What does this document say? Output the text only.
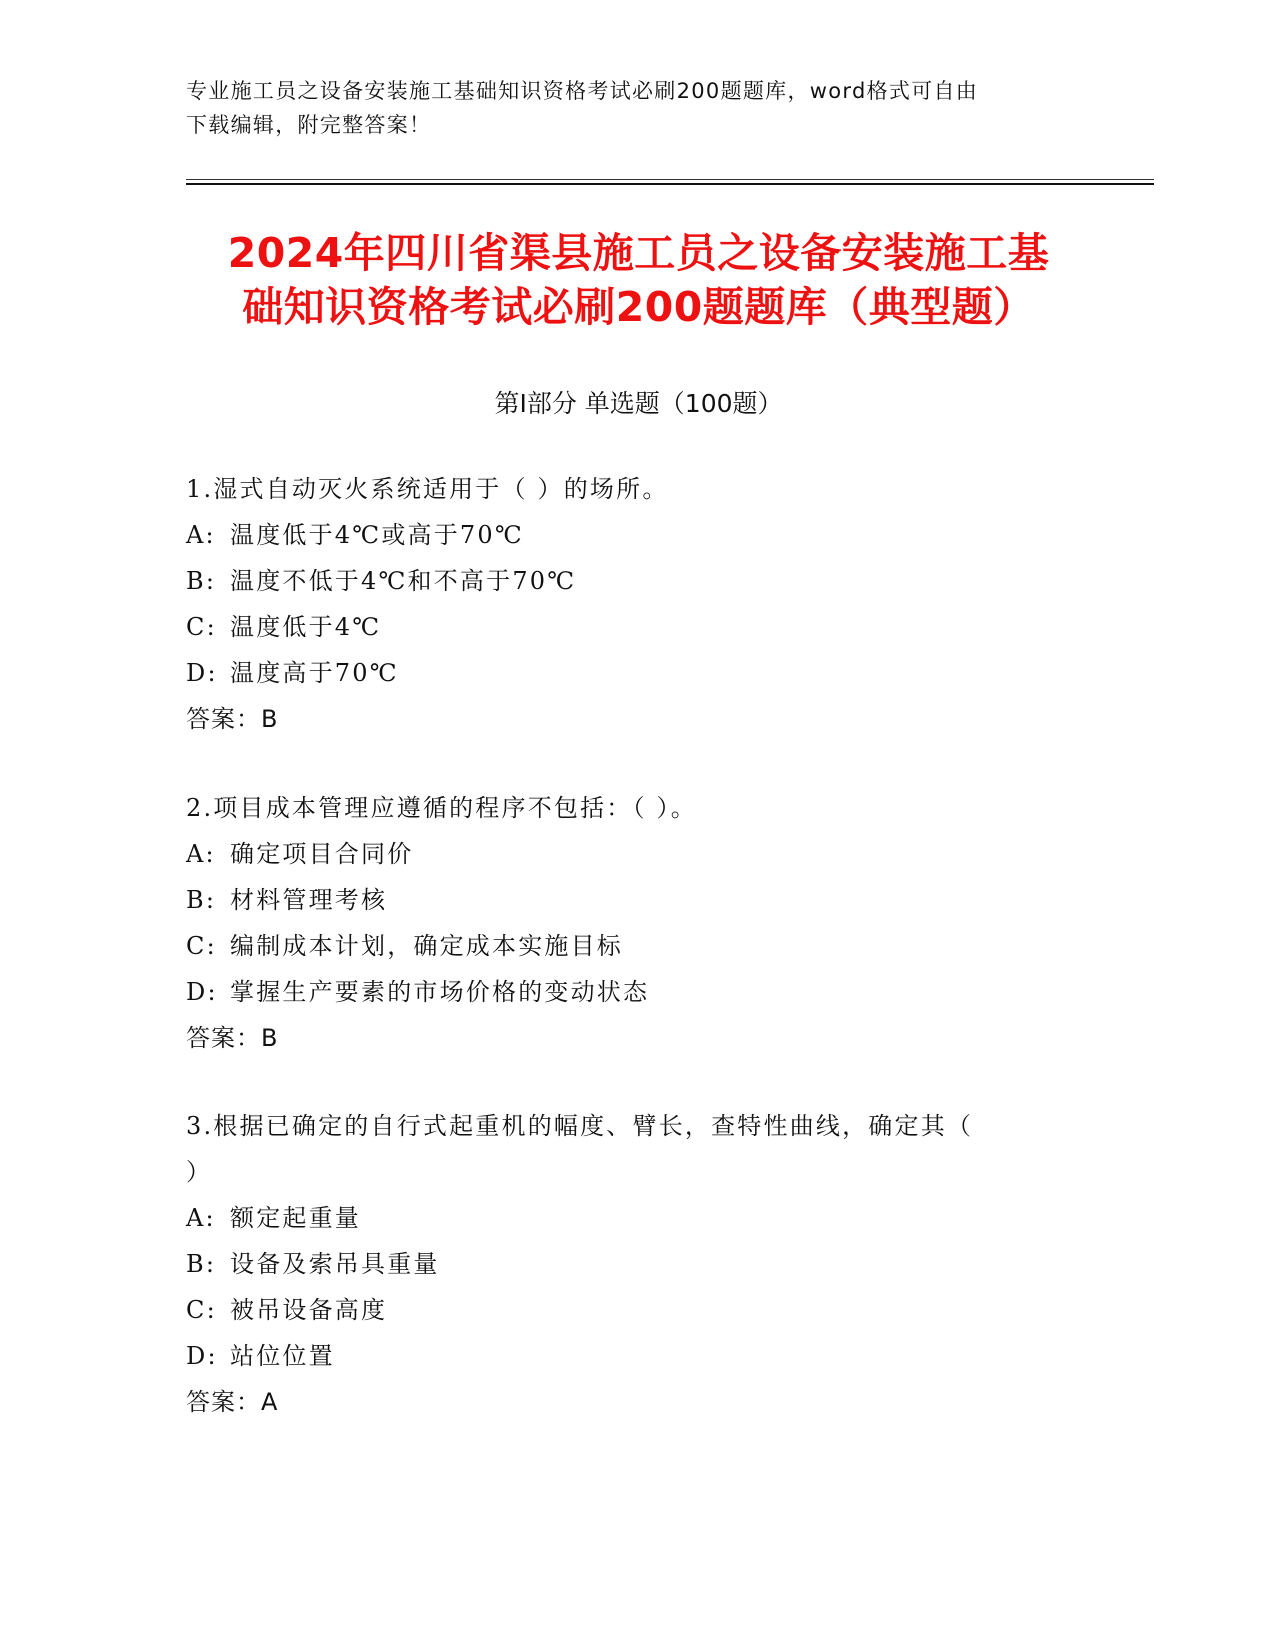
专业施工员之设备安装施工基础知识资格考试必刷200题题库，word格式可自由
下载编辑，附完整答案！

2024年四川省渠县施工员之设备安装施工基
础知识资格考试必刷200题题库（典型题）
第Ⅰ部分 单选题（100题）

1.湿式自动灭火系统适用于（ ）的场所。

A: 温度低于4℃或高于70℃

B: 温度不低于4℃和不高于70℃

C: 温度低于4℃

D: 温度高于70℃

答案：B

2.项目成本管理应遵循的程序不包括：（ ）。

A: 确定项目合同价

B: 材料管理考核

C: 编制成本计划，确定成本实施目标

D: 掌握生产要素的市场价格的变动状态

答案：B

3.根据已确定的自行式起重机的幅度、臂长，查特性曲线，确定其（
）

A: 额定起重量

B: 设备及索吊具重量

C: 被吊设备高度

D: 站位位置

答案：A
